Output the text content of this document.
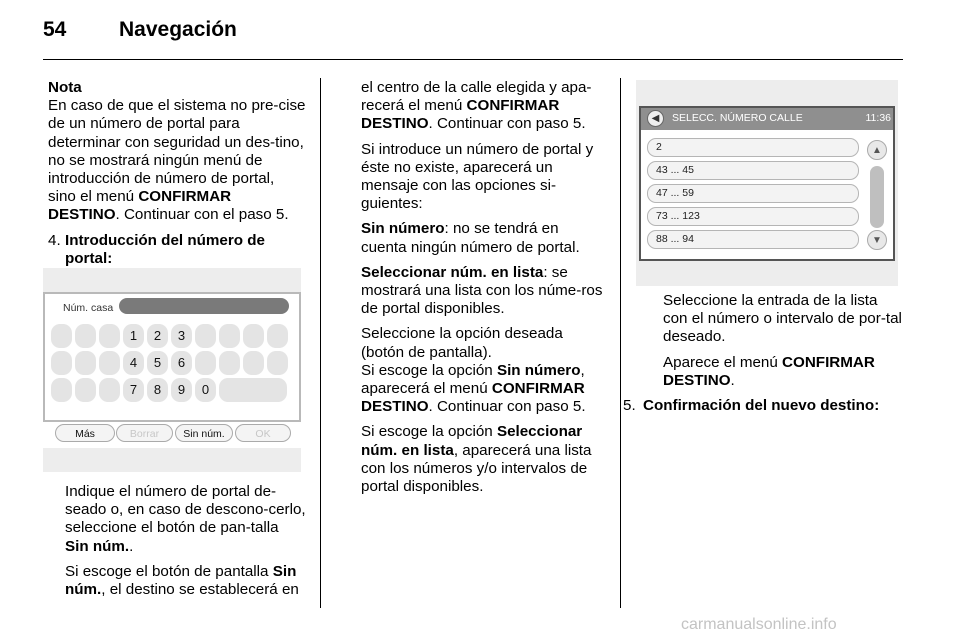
54	Navegación

Nota
En caso de que el sistema no pre-cise de un número de portal para determinar con seguridad un des-tino, no se mostrará ningún menú de introducción de número de portal, sino el menú CONFIRMAR DESTINO. Continuar con el paso 5.

4. Introducción del número de portal:
Núm. casa
1	2	3
4	5	6
7	8	9	0
Más	Borrar	Sin núm.	OK

Indique el número de portal de-seado o, en caso de descono-cerlo, seleccione el botón de pan-talla Sin núm..

Si escoge el botón de pantalla Sin núm., el destino se establecerá en

el centro de la calle elegida y apa-recerá el menú CONFIRMAR DESTINO. Continuar con paso 5.

Si introduce un número de portal y éste no existe, aparecerá un mensaje con las opciones si-guientes:

Sin número: no se tendrá en cuenta ningún número de portal.

Seleccionar núm. en lista: se mostrará una lista con los núme-ros de portal disponibles.

Seleccione la opción deseada (botón de pantalla).

Si escoge la opción Sin número, aparecerá el menú CONFIRMAR DESTINO. Continuar con paso 5.

Si escoge la opción Seleccionar núm. en lista, aparecerá una lista con los números y/o intervalos de portal disponibles.

◀	SELECC. NÚMERO CALLE	11:36
2
43 ... 45
47 ... 59
73 ... 123
88 ... 94
▲
▼

Seleccione la entrada de la lista con el número o intervalo de por-tal deseado.

Aparece el menú CONFIRMAR DESTINO.

5. Confirmación del nuevo destino:
carmanualsonline.info
